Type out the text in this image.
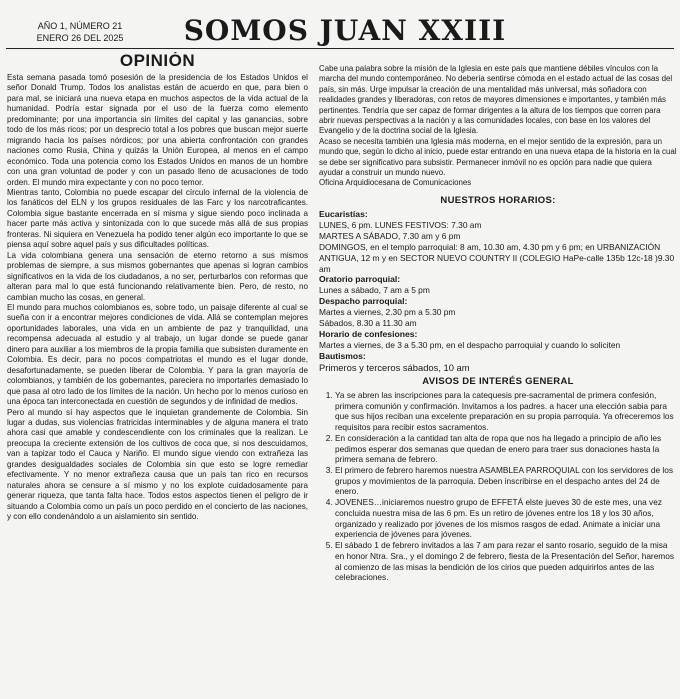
AÑO 1, NÚMERO 21
ENERO 26 DEL 2025	SOMOS JUAN XXIII
OPINIÓN

Esta semana pasada tomó posesión de la presidencia de los Estados Unidos el señor Donald Trump. Todos los analistas están de acuerdo en que, para bien o para mal, se iniciará una nueva etapa en muchos aspectos de la vida actual de la humanidad. Podría estar signada por el uso de la fuerza como elemento predominante; por una importancia sin límites del capital y las ganancias, sobre todo de los más ricos; por un desprecio total a los pobres que buscan mejor suerte migrando hacia los países nórdicos; por una abierta confrontación con grandes naciones como Rusia, China y quizás la Unión Europea, al menos en el campo económico. Toda una potencia como los Estados Unidos en manos de un hombre con una gran voluntad de poder y con un pasado lleno de acusaciones de todo orden. El mundo mira expectante y con no poco temor.

Mientras tanto, Colombia no puede escapar del círculo infernal de la violencia de los fanáticos del ELN y los grupos residuales de las Farc y los narcotraficantes. Colombia sigue bastante encerrada en sí misma y sigue siendo poco inclinada a hacer parte más activa y sintonizada con lo que sucede más allá de sus propias fronteras. Ni siquiera en Venezuela ha podido tener algún eco importante lo que se piensa aquí sobre aquel país y sus dificultades políticas.

La vida colombiana genera una sensación de eterno retorno a sus mismos problemas de siempre, a sus mismos gobernantes que apenas si logran cambios significativos en la vida de los ciudadanos, a no ser, perturbarlos con reformas que alteran para mal lo que está funcionando relativamente bien. Pero, de resto, no cambian mucho las cosas, en general.

El mundo para muchos colombianos es, sobre todo, un paisaje diferente al cual se sueña con ir a encontrar mejores condiciones de vida. Allá se contemplan mejores oportunidades laborales, una vida en un ambiente de paz y tranquilidad, una recompensa adecuada al estudio y al trabajo, un lugar donde se puede ganar dinero para auxiliar a los miembros de la propia familia que subsisten duramente en Colombia. Es decir, para no pocos compatriotas el mundo es el lugar donde, desafortunadamente, se pueden liberar de Colombia. Y para la gran mayoría de colombianos, y también de los gobernantes, pareciera no importarles demasiado lo que pasa al otro lado de los límites de la nación. Un hecho por lo menos curioso en una época tan interconectada en cuestión de segundos y de infinidad de medios.

Pero al mundo sí hay aspectos que le inquietan grandemente de Colombia. Sin lugar a dudas, sus violencias fratricidas interminables y de alguna manera el trato ahora casi que amable y condescendiente con los criminales que la realizan. Le preocupa la creciente extensión de los cultivos de coca que, si nos descuidamos, van a tapizar todo el Cauca y Nariño. El mundo sigue viendo con extrañeza las grandes desigualdades sociales de Colombia sin que esto se logre remediar efectivamente. Y no menor extrañeza causa que un país tan rico en recursos naturales ahora se censure a sí mismo y no los explote cuidadosamente para generar riqueza, que tanta falta hace. Todos estos aspectos tienen el peligro de ir situando a Colombia como un país un poco perdido en el concierto de las naciones, y con ello condenándolo a un aislamiento sin sentido.

Cabe una palabra sobre la misión de la Iglesia en este país que mantiene débiles vínculos con la marcha del mundo contemporáneo. No debería sentirse cómoda en el estado actual de las cosas del país, sin más. Urge impulsar la creación de una mentalidad más universal, más soñadora con realidades grandes y liberadoras, con retos de mayores dimensiones e importantes, y también más pertinentes. Tendría que ser capaz de formar dirigentes a la altura de los tiempos que corren para abrir nuevas perspectivas a la nación y a las comunidades locales, con base en los valores del Evangelio y de la doctrina social de la Iglesia.

Acaso se necesita también una Iglesia más moderna, en el mejor sentido de la expresión, para un mundo que, según lo dicho al inicio, puede estar entrando en una nueva etapa de la historia en la cual se debe ser significativo para subsistir. Permanecer inmóvil no es opción para nadie que quiera ayudar a construir un mundo nuevo.

Oficina Arquidiocesana de Comunicaciones

NUESTROS HORARIOS:

Eucaristías:

LUNES, 6 pm. LUNES FESTIVOS: 7.30 am

MARTES A SÁBADO, 7.30 am y 6 pm

DOMINGOS, en el templo parroquial: 8 am, 10.30 am, 4.30 pm y 6 pm; en URBANIZACIÓN ANTIGUA, 12 m y en SECTOR NUEVO COUNTRY II (COLEGIO HaPe-calle 135b 12c-18 )9.30 am

Oratorio parroquial:

Lunes a sábado, 7 am a 5 pm

Despacho parroquial:

Martes a viernes, 2.30 pm a 5.30 pm

Sábados, 8.30 a 11.30 am

Horario de confesiones:

Martes a viernes, de 3 a 5.30 pm, en el despacho parroquial y cuando lo soliciten

Bautismos:

Primeros y terceros sábados, 10 am

AVISOS DE INTERÉS GENERAL
1. Ya se abren las inscripciones para la catequesis pre-sacramental de primera confesión, primera comunión y confirmación. Invitamos a los padres. a hacer una elección sabia para que sus hijos reciban una excelente preparación en su propia parroquia. Ya ofreceremos los requisitos para recibir estos sacramentos.
2. En consideración a la cantidad tan alta de ropa que nos ha llegado a principio de año les pedimos esperar dos semanas que quedan de enero para traer sus donaciones hasta la primera semana de febrero.
3. El primero de febrero haremos nuestra ASAMBLEA PARROQUIAL con los servidores de los grupos y movimientos de la parroquia. Deben inscribirse en el despacho antes del 24 de enero.
4. JOVENES…iniciaremos nuestro grupo de EFFETÁ elste jueves 30 de este mes, una vez concluida nuestra misa de las 6 pm. Es un retiro de jóvenes entre los 18 y los 30 años, organizado y realizado por jóvenes de los mismos rasgos de edad. Animate a iniciar una experiencia de jóvenes para jóvenes.
5. El sábado 1 de febrero invitados a las 7 am para rezar el santo rosario, seguido de la misa en honor Ntra. Sra., y el domingo 2 de febrero, fiesta de la Presentación del Señor, haremos al comienzo de las misas la bendición de los cirios que pueden adquirirlos antes de las celebraciones.
